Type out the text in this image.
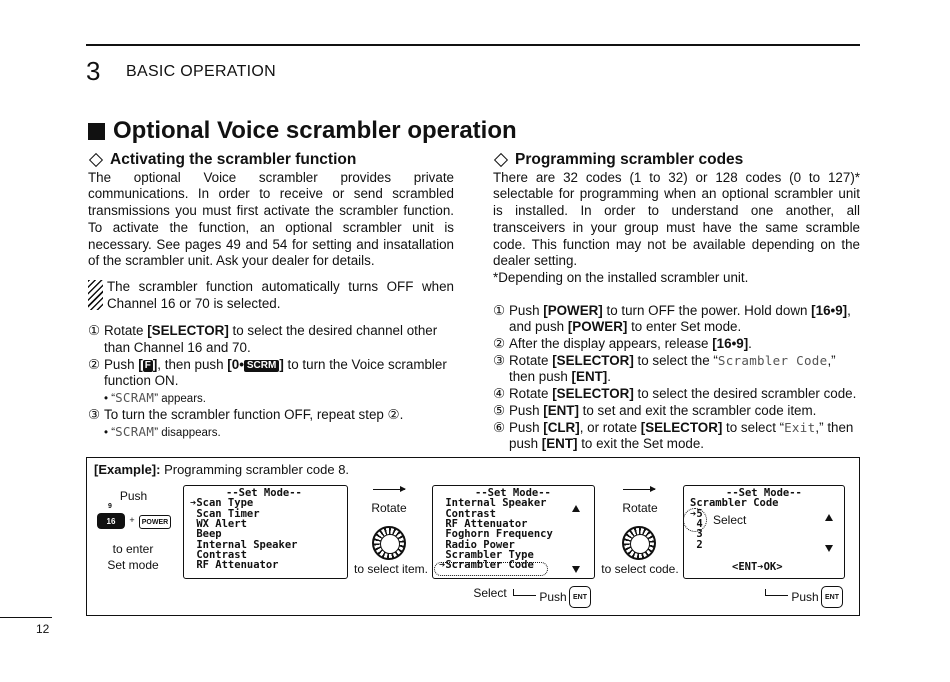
3 BASIC OPERATION
Optional Voice scrambler operation
Activating the scrambler function

The optional Voice scrambler provides private communications. In order to receive or send scrambled transmissions you must first activate the scrambler function. To activate the function, an optional scrambler unit is necessary. See pages 49 and 54 for setting and insatallation of the scrambler unit. Ask your dealer for details.

The scrambler function automatically turns OFF when Channel 16 or 70 is selected.
① Rotate [SELECTOR] to select the desired channel other than Channel 16 and 70.
② Push [ F ], then push [0• SCRM ] to turn the Voice scrambler function ON.
• “SCRAM” appears.
③ To turn the scrambler function OFF, repeat step ②.
• “SCRAM” disappears.
Programming scrambler codes

There are 32 codes (1 to 32) or 128 codes (0 to 127)* selectable for programming when an optional scrambler unit is installed. In order to understand one another, all transceivers in your group must have the same scramble code. This function may not be available depending on the dealer setting.

*Depending on the installed scrambler unit.

① Push [POWER] to turn OFF the power. Hold down [16•9], and push [POWER] to enter Set mode.
② After the display appears, release [16•9].
③ Rotate [SELECTOR] to select the “Scrambler Code,” then push [ENT].
④ Rotate [SELECTOR] to select the desired scrambler code.
⑤ Push [ENT] to set and exit the scrambler code item.
⑥ Push [CLR], or rotate [SELECTOR] to select “Exit,” then push [ENT] to exit the Set mode.
[Example]: Programming scrambler code 8.
Push
9
16 +	POWER
to enter
Set mode
--Set Mode--
➔Scan Type
Scan Timer
WX Alert
Beep
Internal Speaker
Contrast
RF Attenuator
Rotate
to select item.
--Set Mode--
Internal Speaker
Contrast
RF Attenuator
Foghorn Frequency
Radio Power
Scrambler Type
➔Scrambler Code
Select	Push ENT
Rotate
to select code.
--Set Mode--
Scrambler Code
➔5
4
3
2
<ENT➔OK>
Select
Push ENT
12
